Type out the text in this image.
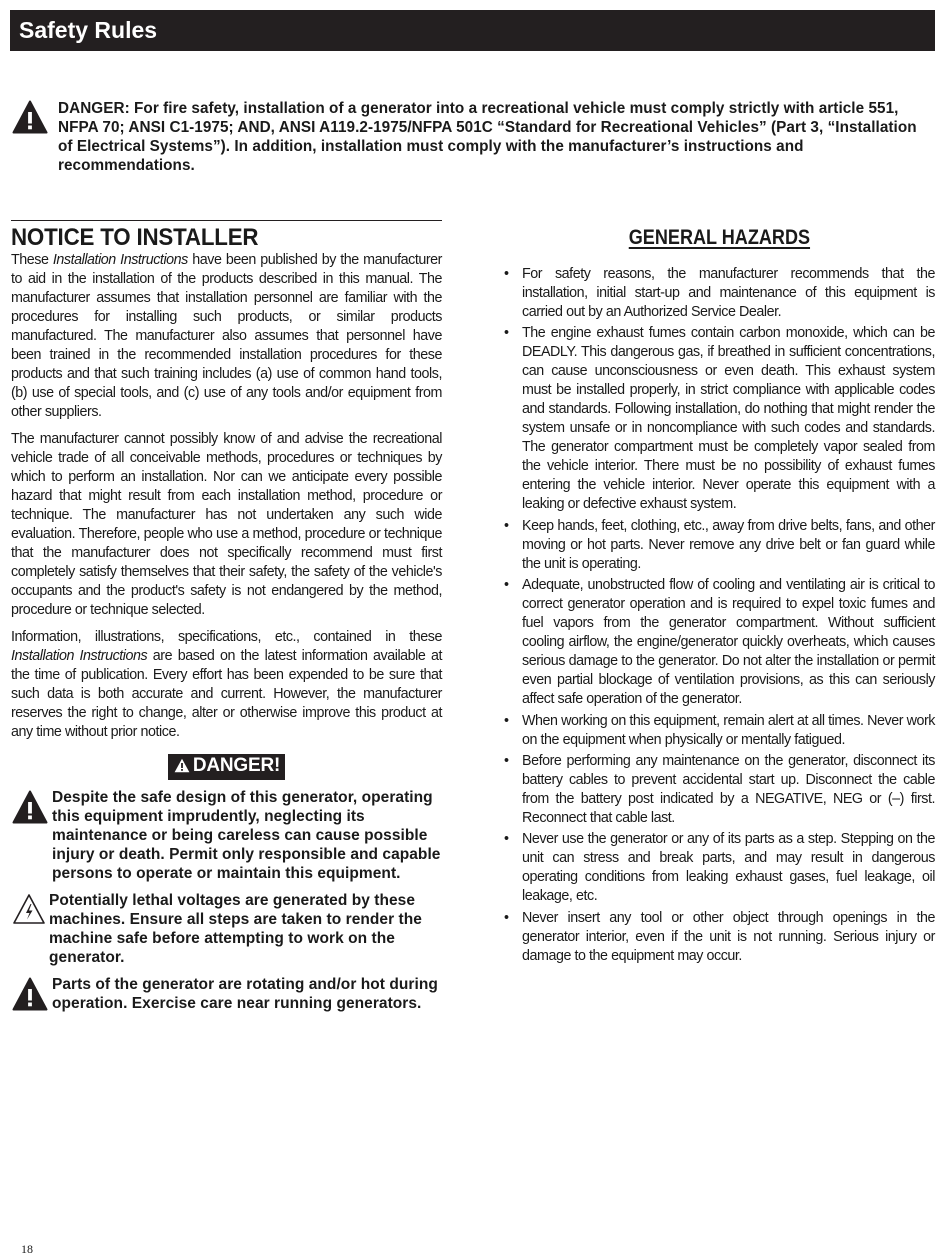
Safety Rules
DANGER: For fire safety, installation of a generator into a recreational vehicle must comply strictly with article 551, NFPA 70; ANSI C1-1975; AND, ANSI A119.2-1975/NFPA 501C “Standard for Recreational Vehicles” (Part 3, “Installation of Electrical Systems”). In addition, installation must comply with the manufacturer’s instructions and recommendations.
NOTICE TO INSTALLER

These Installation Instructions have been published by the manufacturer to aid in the installation of the products described in this manual. The manufacturer assumes that installation personnel are familiar with the procedures for installing such products, or similar products manufactured. The manufacturer also assumes that personnel have been trained in the recommended installation procedures for these products and that such training includes (a) use of common hand tools, (b) use of special tools, and (c) use of any tools and/or equipment from other suppliers.

The manufacturer cannot possibly know of and advise the recreational vehicle trade of all conceivable methods, procedures or techniques by which to perform an installation. Nor can we anticipate every possible hazard that might result from each installation method, procedure or technique. The manufacturer has not undertaken any such wide evaluation. Therefore, people who use a method, procedure or technique that the manufacturer does not specifically recommend must first completely satisfy themselves that their safety, the safety of the vehicle's occupants and the product's safety is not endangered by the method, procedure or technique selected.

Information, illustrations, specifications, etc., contained in these Installation Instructions are based on the latest information available at the time of publication. Every effort has been expended to be sure that such data is both accurate and current. However, the manufacturer reserves the right to change, alter or otherwise improve this product at any time without prior notice.

DANGER!
Despite the safe design of this generator, operating this equipment imprudently, neglecting its maintenance or being careless can cause possible injury or death. Permit only responsible and capable persons to operate or maintain this equipment.
Potentially lethal voltages are generated by these machines. Ensure all steps are taken to render the machine safe before attempting to work on the generator.
Parts of the generator are rotating and/or hot during operation. Exercise care near running generators.
GENERAL HAZARDS
• For safety reasons, the manufacturer recommends that the installation, initial start-up and maintenance of this equipment is carried out by an Authorized Service Dealer.
• The engine exhaust fumes contain carbon monoxide, which can be DEADLY. This dangerous gas, if breathed in sufficient concentrations, can cause unconsciousness or even death. This exhaust system must be installed properly, in strict compliance with applicable codes and standards. Following installation, do nothing that might render the system unsafe or in noncompliance with such codes and standards. The generator compartment must be completely vapor sealed from the vehicle interior. There must be no possibility of exhaust fumes entering the vehicle interior. Never operate this equipment with a leaking or defective exhaust system.
• Keep hands, feet, clothing, etc., away from drive belts, fans, and other moving or hot parts. Never remove any drive belt or fan guard while the unit is operating.
• Adequate, unobstructed flow of cooling and ventilating air is critical to correct generator operation and is required to expel toxic fumes and fuel vapors from the generator compartment. Without sufficient cooling airflow, the engine/generator quickly overheats, which causes serious damage to the generator. Do not alter the installation or permit even partial blockage of ventilation provisions, as this can seriously affect safe operation of the generator.
• When working on this equipment, remain alert at all times. Never work on the equipment when physically or mentally fatigued.
• Before performing any maintenance on the generator, disconnect its battery cables to prevent accidental start up. Disconnect the cable from the battery post indicated by a NEGATIVE, NEG or (–) first. Reconnect that cable last.
• Never use the generator or any of its parts as a step. Stepping on the unit can stress and break parts, and may result in dangerous operating conditions from leaking exhaust gases, fuel leakage, oil leakage, etc.
• Never insert any tool or other object through openings in the generator interior, even if the unit is not running. Serious injury or damage to the equipment may occur.
18
